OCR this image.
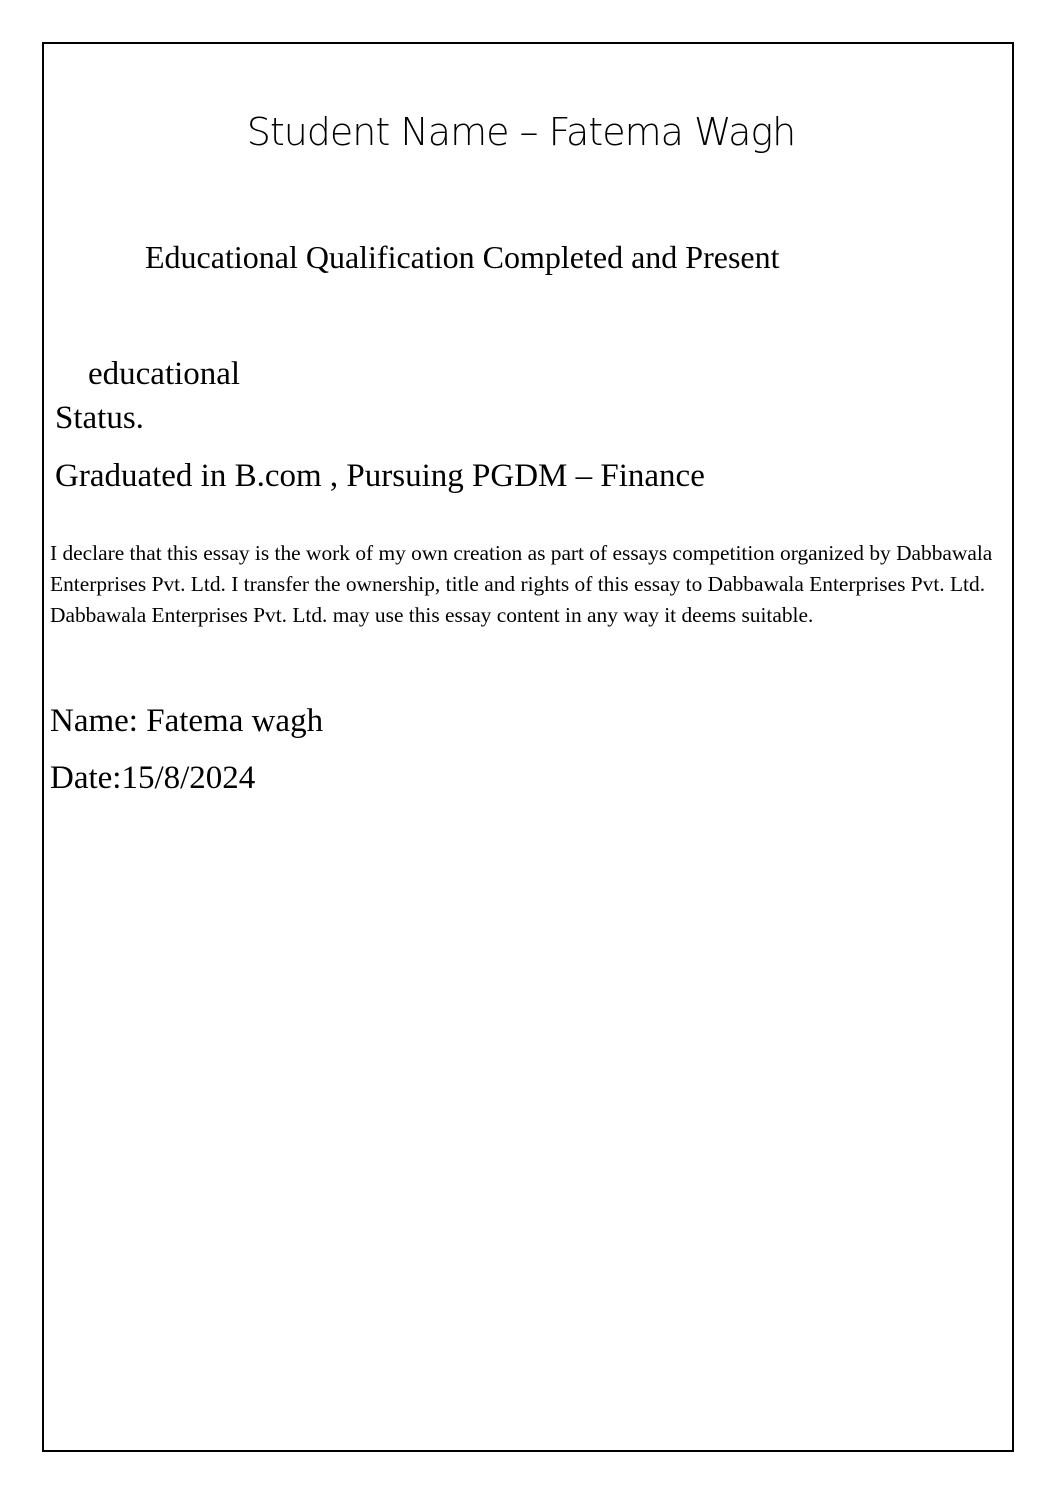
Student Name – Fatema Wagh
Educational Qualification Completed and Present

educational

Status.

Graduated in B.com , Pursuing PGDM – Finance

I declare that this essay is the work of my own creation as part of essays competition organized by Dabbawala Enterprises Pvt. Ltd. I transfer the ownership, title and rights of this essay to Dabbawala Enterprises Pvt. Ltd. Dabbawala Enterprises Pvt. Ltd. may use this essay content in any way it deems suitable.

Name: Fatema wagh

Date:15/8/2024
